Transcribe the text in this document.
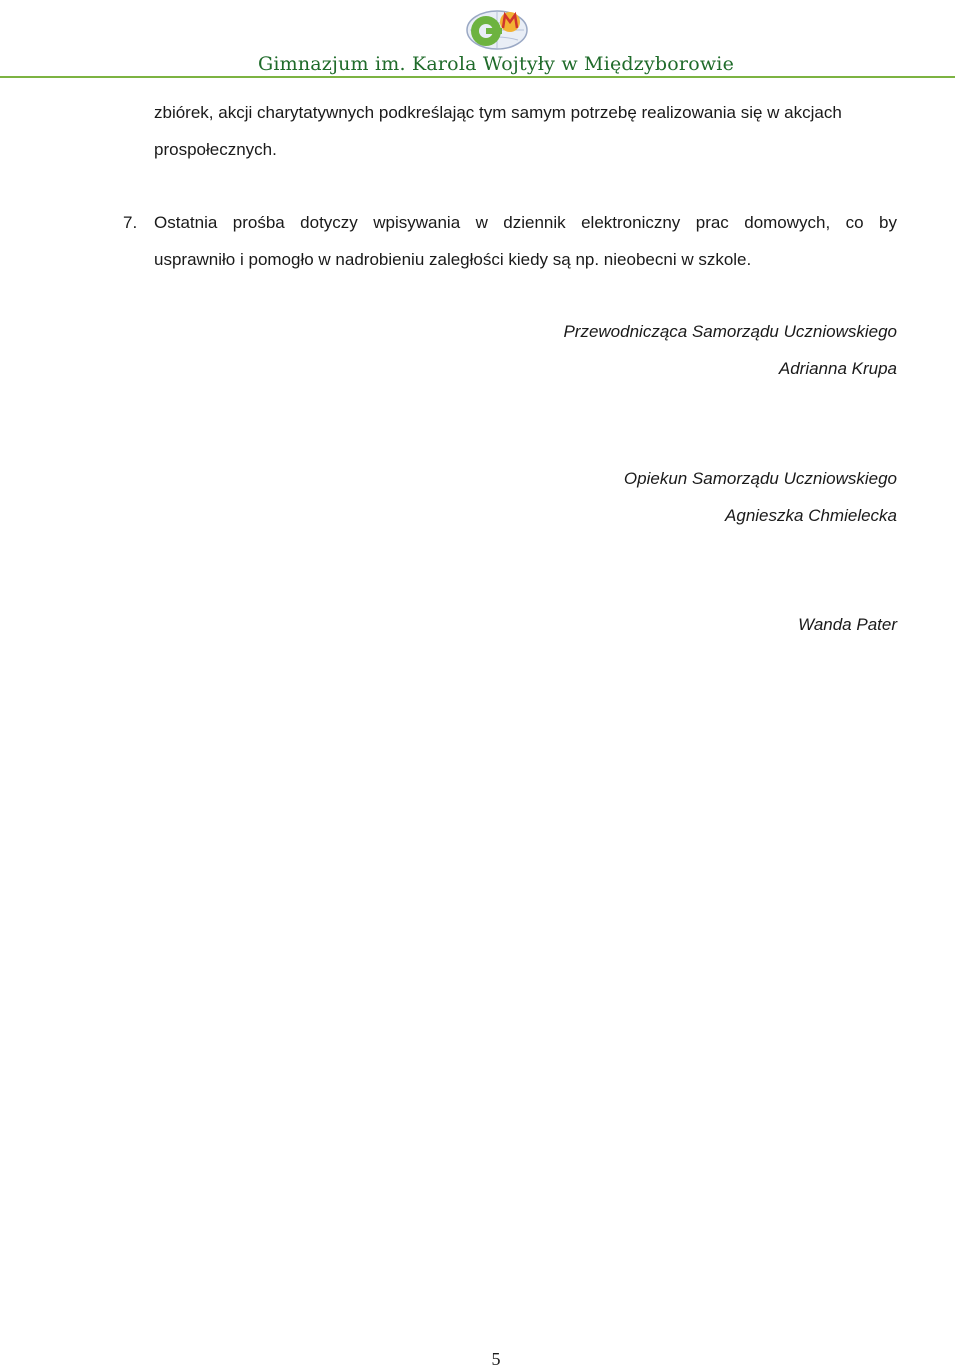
Gimnazjum im. Karola Wojtyły w Międzyborowie
zbiórek, akcji charytatywnych podkreślając tym samym potrzebę realizowania się w akcjach
prospołecznych.
7. Ostatnia prośba dotyczy wpisywania w dziennik elektroniczny prac domowych, co by
usprawniło i pomogło w nadrobieniu zaległości kiedy są np. nieobecni w szkole.
Przewodnicząca Samorządu Uczniowskiego
Adrianna Krupa
Opiekun Samorządu Uczniowskiego
Agnieszka Chmielecka
Wanda Pater
5
